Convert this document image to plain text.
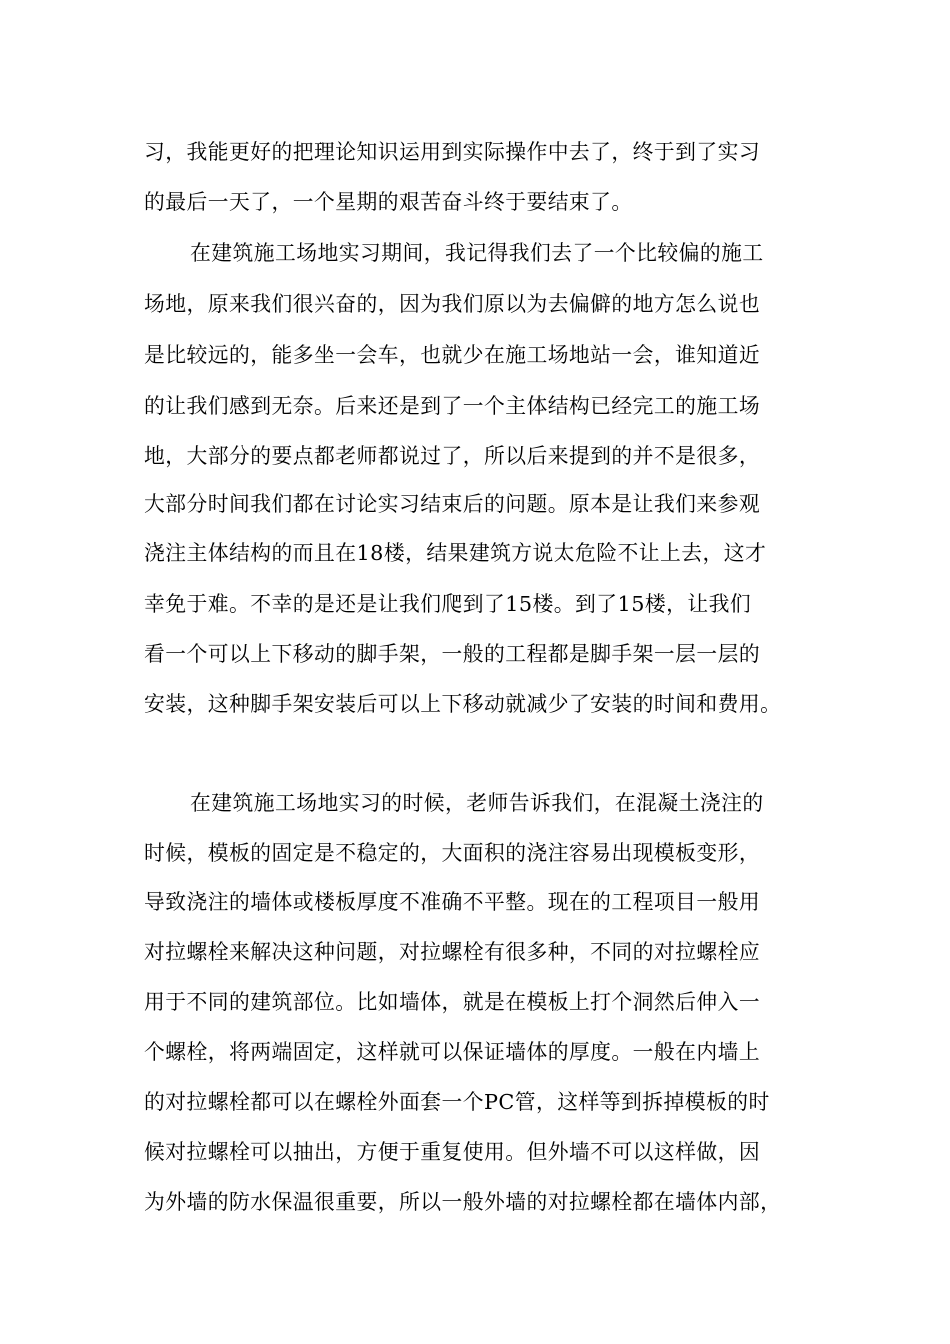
习，我能更好的把理论知识运用到实际操作中去了，终于到了实习
的最后一天了，一个星期的艰苦奋斗终于要结束了。
在建筑施工场地实习期间，我记得我们去了一个比较偏的施工
场地，原来我们很兴奋的，因为我们原以为去偏僻的地方怎么说也
是比较远的，能多坐一会车，也就少在施工场地站一会，谁知道近
的让我们感到无奈。后来还是到了一个主体结构已经完工的施工场
地，大部分的要点都老师都说过了，所以后来提到的并不是很多，
大部分时间我们都在讨论实习结束后的问题。原本是让我们来参观
浇注主体结构的而且在18楼，结果建筑方说太危险不让上去，这才
幸免于难。不幸的是还是让我们爬到了15楼。到了15楼，让我们
看一个可以上下移动的脚手架，一般的工程都是脚手架一层一层的
安装，这种脚手架安装后可以上下移动就减少了安装的时间和费用。
在建筑施工场地实习的时候，老师告诉我们，在混凝土浇注的
时候，模板的固定是不稳定的，大面积的浇注容易出现模板变形，
导致浇注的墙体或楼板厚度不准确不平整。现在的工程项目一般用
对拉螺栓来解决这种问题，对拉螺栓有很多种，不同的对拉螺栓应
用于不同的建筑部位。比如墙体，就是在模板上打个洞然后伸入一
个螺栓，将两端固定，这样就可以保证墙体的厚度。一般在内墙上
的对拉螺栓都可以在螺栓外面套一个PC管，这样等到拆掉模板的时
候对拉螺栓可以抽出，方便于重复使用。但外墙不可以这样做，因
为外墙的防水保温很重要，所以一般外墙的对拉螺栓都在墙体内部，
